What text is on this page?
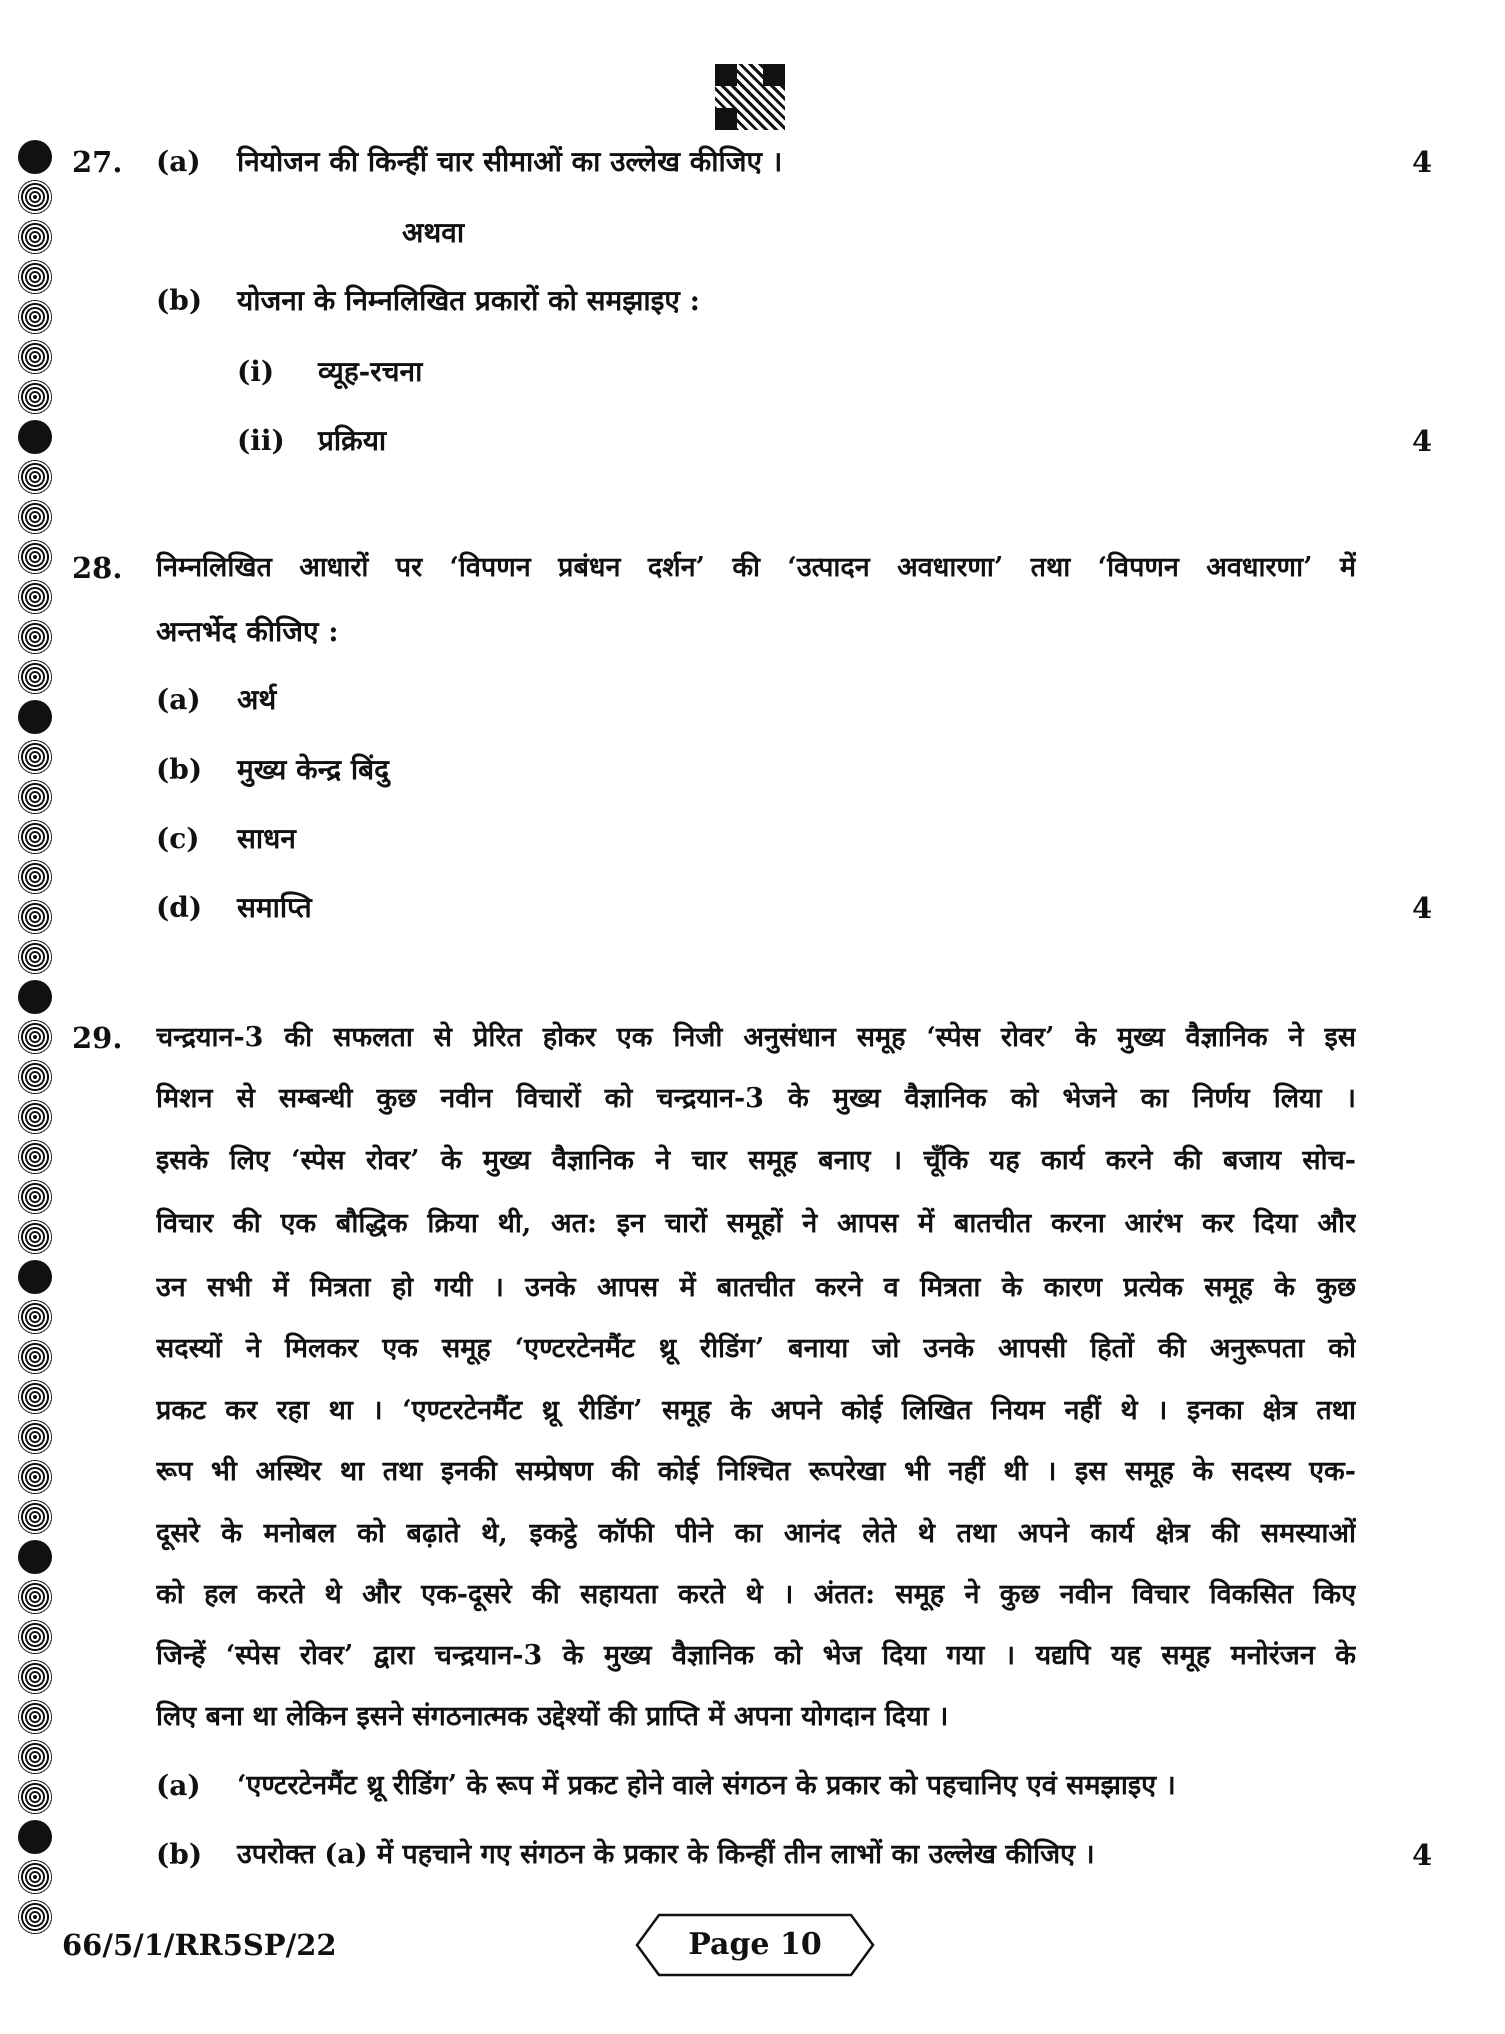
27. (a) नियोजन की किन्हीं चार सीमाओं का उल्लेख कीजिए ।	4
अथवा
(b) योजना के निम्नलिखित प्रकारों को समझाइए :
(i) व्यूह-रचना
(ii) प्रक्रिया	4
28. निम्नलिखित आधारों पर ‘विपणन प्रबंधन दर्शन’ की ‘उत्पादन अवधारणा’ तथा ‘विपणन अवधारणा’ में
अन्तर्भेद कीजिए :
(a) अर्थ
(b) मुख्य केन्द्र बिंदु
(c) साधन
(d) समाप्ति	4
29. चन्द्रयान-3 की सफलता से प्रेरित होकर एक निजी अनुसंधान समूह ‘स्पेस रोवर’ के मुख्य वैज्ञानिक ने इस
मिशन से सम्बन्धी कुछ नवीन विचारों को चन्द्रयान-3 के मुख्य वैज्ञानिक को भेजने का निर्णय लिया ।
इसके लिए ‘स्पेस रोवर’ के मुख्य वैज्ञानिक ने चार समूह बनाए । चूँकि यह कार्य करने की बजाय सोच-
विचार की एक बौद्धिक क्रिया थी, अत: इन चारों समूहों ने आपस में बातचीत करना आरंभ कर दिया और
उन सभी में मित्रता हो गयी । उनके आपस में बातचीत करने व मित्रता के कारण प्रत्येक समूह के कुछ
सदस्यों ने मिलकर एक समूह ‘एण्टरटेनमैंट थ्रू रीडिंग’ बनाया जो उनके आपसी हितों की अनुरूपता को
प्रकट कर रहा था । ‘एण्टरटेनमैंट थ्रू रीडिंग’ समूह के अपने कोई लिखित नियम नहीं थे । इनका क्षेत्र तथा
रूप भी अस्थिर था तथा इनकी सम्प्रेषण की कोई निश्चित रूपरेखा भी नहीं थी । इस समूह के सदस्य एक-
दूसरे के मनोबल को बढ़ाते थे, इकट्ठे कॉफी पीने का आनंद लेते थे तथा अपने कार्य क्षेत्र की समस्याओं
को हल करते थे और एक-दूसरे की सहायता करते थे । अंतत: समूह ने कुछ नवीन विचार विकसित किए
जिन्हें ‘स्पेस रोवर’ द्वारा चन्द्रयान-3 के मुख्य वैज्ञानिक को भेज दिया गया । यद्यपि यह समूह मनोरंजन के
लिए बना था लेकिन इसने संगठनात्मक उद्देश्यों की प्राप्ति में अपना योगदान दिया ।
(a) ‘एण्टरटेनमैंट थ्रू रीडिंग’ के रूप में प्रकट होने वाले संगठन के प्रकार को पहचानिए एवं समझाइए ।
(b) उपरोक्त (a) में पहचाने गए संगठन के प्रकार के किन्हीं तीन लाभों का उल्लेख कीजिए ।	4
66/5/1/RR5SP/22	Page 10
